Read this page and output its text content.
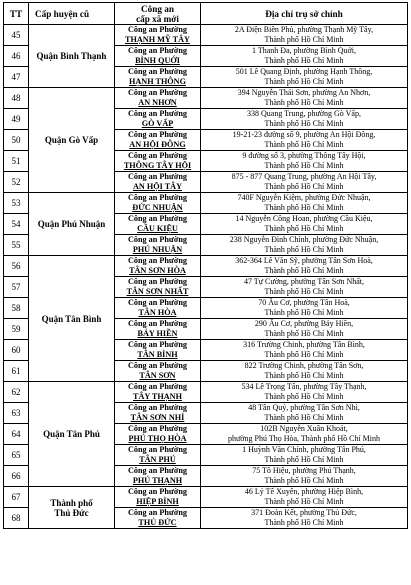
TT	Cấp huyện cũ	Công an
cấp xã mới	Địa chỉ trụ sở chính
45	Quận Bình Thạnh	Công an Phường
THẠNH MỸ TÂY	2A Điện Biên Phủ, phường Thạnh Mỹ Tây,
Thành phố Hồ Chí Minh

46		Công an Phường
BÌNH QUỚI	1 Thanh Đa, phường Bình Quới,
Thành phố Hồ Chí Minh

47		Công an Phường
HẠNH THÔNG	501 Lê Quang Định, phường Hạnh Thông,
Thành phố Hồ Chí Minh

48	Quận Gò Vấp	Công an Phường
AN NHƠN	394 Nguyễn Thái Sơn, phường An Nhơn,
Thành phố Hồ Chí Minh

49		Công an Phường
GÒ VẤP	338 Quang Trung, phường Gò Vấp,
Thành phố Hồ Chí Minh

50		Công an Phường
AN HỘI ĐÔNG	19-21-23 đường số 9, phường An Hội Đông,
Thành phố Hồ Chí Minh

51		Công an Phường
THÔNG TÂY HỘI	9 đường số 3, phường Thông Tây Hội,
Thành phố Hồ Chí Minh

52		Công an Phường
AN HỘI TÂY	875 - 877 Quang Trung, phường An Hội Tây,
Thành phố Hồ Chí Minh

53	Quận Phú Nhuận	Công an Phường
ĐỨC NHUẬN	740F Nguyễn Kiệm, phường Đức Nhuận,
Thành phố Hồ Chí Minh

54		Công an Phường
CẦU KIỆU	14 Nguyễn Công Hoan, phường Cầu Kiệu,
Thành phố Hồ Chí Minh

55		Công an Phường
PHÚ NHUẬN	238 Nguyễn Đình Chính, phường Đức Nhuận,
Thành phố Hồ Chí Minh

56	Quận Tân Bình	Công an Phường
TÂN SƠN HÒA	362-364 Lê Văn Sỹ, phường Tân Sơn Hoà,
Thành phố Hồ Chí Minh

57		Công an Phường
TÂN SƠN NHẤT	47 Tự Cường, phường Tân Sơn Nhất,
Thành phố Hồ Chí Minh

58		Công an Phường
TÂN HÒA	70 Âu Cơ, phường Tân Hoà,
Thành phố Hồ Chí Minh

59		Công an Phường
BẢY HIỀN	290 Âu Cơ, phường Bảy Hiền,
Thành phố Hồ Chí Minh

60		Công an Phường
TÂN BÌNH	316 Trường Chinh, phường Tân Bình,
Thành phố Hồ Chí Minh

61		Công an Phường
TÂN SƠN	822 Trường Chinh, phường Tân Sơn,
Thành phố Hồ Chí Minh

62	Quận Tân Phú	Công an Phường
TÂY THẠNH	534 Lê Trọng Tấn, phường Tây Thạnh,
Thành phố Hồ Chí Minh

63		Công an Phường
TÂN SƠN NHÌ	48 Tân Quý, phường Tân Sơn Nhì,
Thành phố Hồ Chí Minh

64		Công an Phường
PHÚ THỌ HÒA	102B Nguyễn Xuân Khoát,
phường Phú Thọ Hòa, Thành phố Hồ Chí Minh

65		Công an Phường
TÂN PHÚ	1 Huỳnh Văn Chính, phường Tân Phú,
Thành phố Hồ Chí Minh

66		Công an Phường
PHÚ THẠNH	75 Tô Hiệu, phường Phú Thạnh,
Thành phố Hồ Chí Minh

67	Thành phố
Thủ Đức	Công an Phường
HIỆP BÌNH	46 Lý Tế Xuyên, phường Hiệp Bình,
Thành phố Hồ Chí Minh

68		Công an Phường
THỦ ĐỨC	371 Đoàn Kết, phường Thủ Đức,
Thành phố Hồ Chí Minh
